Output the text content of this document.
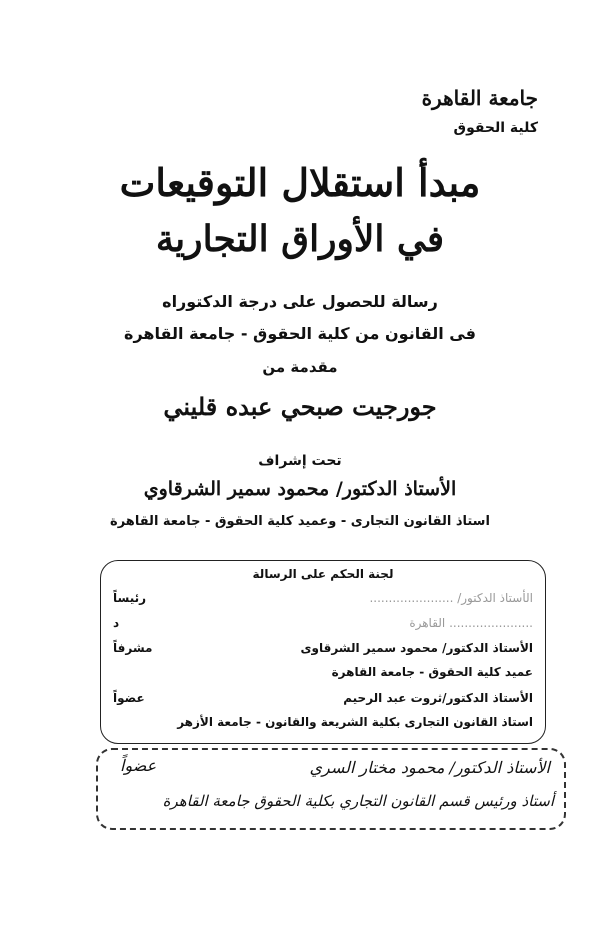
جامعة القاهرة
كلية الحقوق
مبدأ استقلال التوقيعات
في الأوراق التجارية
رسالة للحصول على درجة الدكتوراه
فى القانون من كلية الحقوق - جامعة القاهرة
مقدمة من
جورجيت صبحي عبده قليني
تحت إشراف
الأستاذ الدكتور/ محمود سمير الشرقاوي
استاذ القانون التجارى - وعميد كلية الحقوق - جامعة القاهرة
لجنة الحكم على الرسالة
الأستاذ الدكتور/ ......................
رئيساً
...................... القاهرة
د
الأستاذ الدكتور/ محمود سمير الشرقاوى
مشرفاً
عميد كلية الحقوق - جامعة القاهرة
الأستاذ الدكتور/ثروت عبد الرحيم
عضواً
استاذ القانون التجارى بكلية الشريعة والقانون - جامعة الأزهر
الأستاذ الدكتور/ محمود مختار السري
عضواً
أستاذ ورئيس قسم القانون التجاري بكلية الحقوق جامعة القاهرة
